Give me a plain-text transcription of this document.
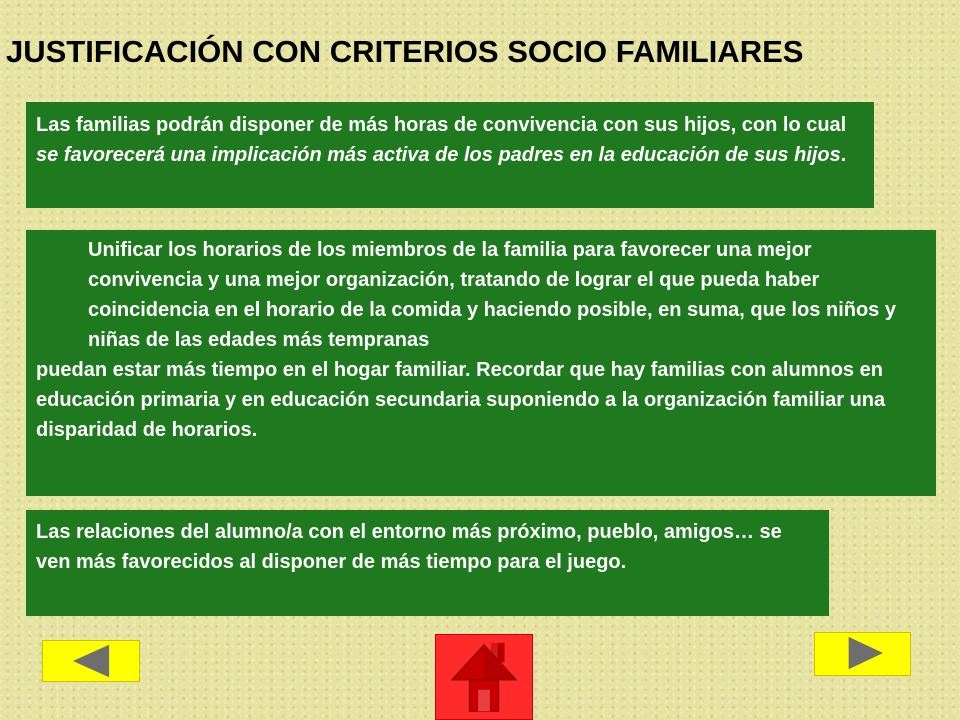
JUSTIFICACIÓN CON CRITERIOS SOCIO FAMILIARES
Las familias podrán disponer de más horas de convivencia con sus hijos, con lo cual se favorecerá una implicación más activa de los padres en la educación de sus hijos.
Unificar los horarios de los miembros de la familia para favorecer una mejor convivencia y una mejor organización, tratando de lograr el que pueda haber coincidencia en el horario de la comida y haciendo posible, en suma, que los niños y niñas de las edades más tempranas
puedan estar más tiempo en el hogar familiar. Recordar que hay familias con alumnos en educación primaria y en educación secundaria suponiendo a la organización familiar una disparidad de horarios.
Las relaciones del alumno/a con el entorno más próximo, pueblo, amigos… se ven más favorecidos al disponer de más tiempo para el juego.
